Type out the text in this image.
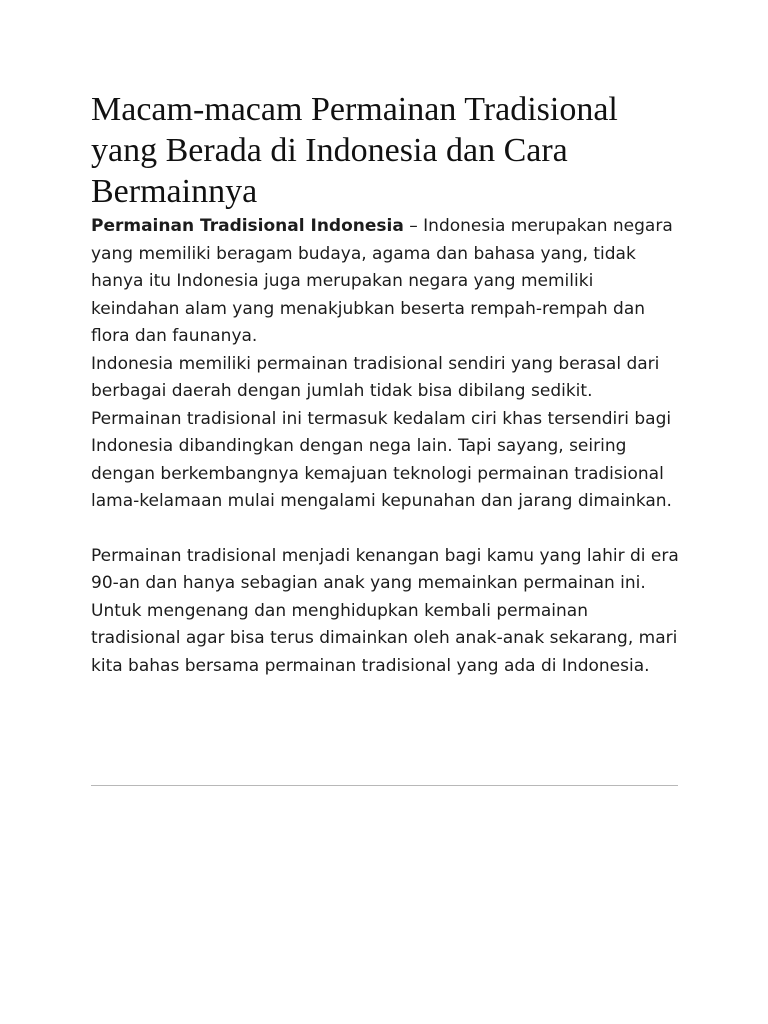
Macam-macam Permainan Tradisional yang Berada di Indonesia dan Cara Bermainnya

Permainan Tradisional Indonesia – Indonesia merupakan negara yang memiliki beragam budaya, agama dan bahasa yang, tidak hanya itu Indonesia juga merupakan negara yang memiliki keindahan alam yang menakjubkan beserta rempah-rempah dan flora dan faunanya.

Indonesia memiliki permainan tradisional sendiri yang berasal dari berbagai daerah dengan jumlah tidak bisa dibilang sedikit. Permainan tradisional ini termasuk kedalam ciri khas tersendiri bagi Indonesia dibandingkan dengan nega lain. Tapi sayang, seiring dengan berkembangnya kemajuan teknologi permainan tradisional lama-kelamaan mulai mengalami kepunahan dan jarang dimainkan.

Permainan tradisional menjadi kenangan bagi kamu yang lahir di era 90-an dan hanya sebagian anak yang memainkan permainan ini. Untuk mengenang dan menghidupkan kembali permainan tradisional agar bisa terus dimainkan oleh anak-anak sekarang, mari kita bahas bersama permainan tradisional yang ada di Indonesia.
